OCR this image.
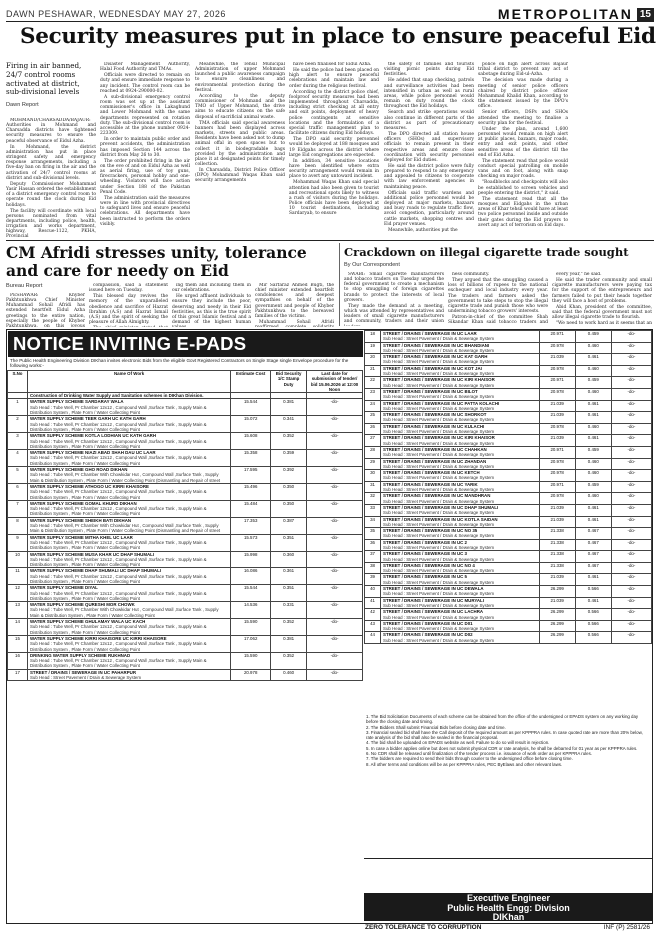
DAWN PESHAWAR, WEDNESDAY MAY 27, 2026	METROPOLITAN 15
Security measures put in place to ensure peaceful Eid
Firing in air banned, 24/7 control rooms activated at district, sub-divisional levels
Dawn Report

MOHMAND/CHARSADDA/BAJAUR: Authorities in Mohmand and Charsadda districts have tightened security measures to ensure the peaceful observance of Eidul Azha.

In Mohmand, the district administration has put in place stringent safety and emergency response arrangements, including a five-day ban on firing in the air and the activation of 24/7 control rooms at district and sub-divisional levels.

Deputy Commissioner Mohammad Yasir Hassan ordered the establishment of a district emergency control room to operate round the clock during Eid holidays.

The facility will coordinate with local persons nominated from vital departments, including police, health, irrigation and works department, highway, Rescue-1122, PKHA, Provincial

Disaster Management Authority, Halal Food Authority and TMAs.

Officials were directed to remain on duty and ensure immediate response to any incident. The control room can be reached at 0924-290000-02.

A sub-divisional emergency control room was set up at the assistant commissioner's office in Lakaghund and Lower Mohmand with the same departments represented on rotation duty. The sub-divisional control room is accessible at the phone number 0924-223309.

In order to maintain public order and prevent accidents, the administration has imposed Section 144 across the district from May 26 to 30.

The order prohibited firing in the air on the eve of and on Eidul Azha as well as aerial firing, use of toy guns, firecrackers, personal hobby and one-wheeling. Violators will face action under Section 188 of the Pakistan Penal Code.

The administration said the measures were in line with provincial directives to safeguard lives and ensure peaceful celebrations. All departments have been instructed to perform the orders visibly.

Meanwhile, the Tehsil Municipal Administration of upper Mohmand launched a public awareness campaign to ensure cleanliness and environmental protection during the festival.

According to the deputy commissioner of Mohmand and the TMO of Upper Mohmand, the drive aims to educate citizens on the safe disposal of sacrificial animal waste.

TMA officials said special awareness banners had been displayed across markets, streets and public areas. Residents have been asked not to dump animal offal in open spaces but to collect it in biodegradable bags provided by the administration and place it at designated points for timely collection.

In Charsadda, District Police Officer (DPO) Mohammad Waqas Khan said security arrangements

have been finalised for Eidul Azha.

He said the police had been placed on high alert to ensure peaceful celebrations and maintain law and order during the religious festival.

According to the district police chief, foolproof security measures had been implemented throughout Charsadda, including strict checking at all entry and exit points, deployment of heavy police contingents at sensitive locations and the formulation of a special traffic management plan to facilitate citizens during Eid holidays.

The DPO said security personnel would be deployed at 188 mosques and 19 Eidgahs across the district where large Eid congregations are expected.

In addition, 34 sensitive locations have been identified where extra security arrangement would remain in place to avert any untoward incident.

Mohammad Waqas Khan said special attention had also been given to tourist and recreational spots likely to witness a rush of visitors during the holidays. Police officials have been deployed at 10 tourist destinations, including Sardaryab, to ensure

the safety of families and tourists visiting picnic points during Eid festivities.

He added that snap checking, patrols and surveillance activities had been intensified in urban as well as rural areas, while police personnel would remain on duty round the clock throughout the Eid holidays.

Search and strike operations would also continue in different parts of the district as part of precautionary measures.

The DPO directed all station house officers (SHOs) and supervisory officials to remain present in their respective areas and ensure close coordination with security personnel deployed for Eid duties.

He said the district police were fully prepared to respond to any emergency and appealed to citizens to cooperate with law enforcement agencies in maintaining peace.

Officials said traffic wardens and additional police personnel would be deployed at major markets, bazaars and busy roads to regulate traffic flow, avoid congestion, particularly around cattle markets, shopping centres and Eid prayer venues.

Meanwhile, authorities put the

police on high alert across Bajaur tribal district to prevent any act of sabotage during Eid-ul-Azha.

The decision was made during a meeting of senior police officers chaired by district police officer Mohammad Khalid Khan, according to the statement issued by the DPO's office.

Senior officers, DSPs and SHOs attended the meeting to finalise a security plan for the festival.

Under the plan, around 1,600 personnel would remain on high alert at public places, bazaars, major roads, entry and exit points, and other sensitive areas of the district till the end of Eid Azha.

The statement read that police would conduct special patrolling on mobile vans and on foot, along with snap checking on major roads.

"Roadblocks and checkpoints will also be established to screen vehicles and people entering the district," it said.

The statement read that all the mosques and Eidgahs in the urban areas of Khar tehsil would have at least two police personnel inside and outside their gates during the Eid prayers to avert any act of terrorism on Eid days.

CM Afridi stresses unity, tolerance and care for needy on Eid
Bureau Report

PESHAWAR: Khyber Pakhtunkhwa Chief Minister Muhammad Sohail Afridi has extended heartfelt Eidul Azha greetings to the entire nation, especially the people of Khyber Pakhtunkhwa, on this joyous

compassion, said a statement issued here on Tuesday.

This blessed day revives the memory of the unparalleled obedience and sacrifice of Hazrat Ibrahim (A.S) and Hazrat Ismail (A.S) and the spirit of seeking the pleasure of Allah Almighty.

ing them and including them in our celebrations.

He urged affluent individuals to ensure they include the poor, deserving and needy in their Eid festivities, as this is the true spirit of this great Islamic festival and a demand of the highest human

Mir Sarfaraz Ahmed Bugti, the chief minister extended heartfelt condolences and deepest sympathies on behalf of the government and people of Khyber Pakhtunkhwa to the bereaved families of the victims.

Muhammad Sohail Afridi

Crackdown on illegal cigarette trade sought
By Our Correspondent

SWABI: Small cigarette manufacturers and tobacco traders on Tuesday urged the federal government to create a mechanism to stop smuggling of foreign cigarettes brands to protect the interests of local growers.

They made the demand at a meeting, which was attended by representatives and leaders of small cigarette manufacturers and community, traders and their union

ness community.

They argued that the smuggling caused a loss of billions of rupees to the national exchequer and local industry every year. The traders and farmers asked the government to take steps to stop the illegal cigarette trade and punish those who were undermining tobacco growers' interests.

Patron-in-chief of the committee Shah Sikandar Khan said tobacco traders and

every year," he said.

He said the trader community and small cigarette manufacturers were paying tax for the support of the entrepreneurs and farmers failed to put their heads together they will face a host of problems.

Abid Khan, president of the committee, said that the federal government must not allow illegal cigarette trade to flourish.

"We need to work hard as it seems that an

NOTICE INVITING E-PADS
The Public Health Engineering Division DIKhan invites electronic Bids from the eligible Govt Registered Contractors on Single Stage single Envelope procedure for the following works:-
S.No	Name Of Work	Estimate Cost	Bid Security 1/C Stamp Duty	Last date for submission of tender/ bid 15.06.2026 at 12:00 Noon
	Construction of Drinking Water Supply and Sanitation schemes in DIKhan Division.			
1	WATER SUPPLY SCHEME SARDARAY WALA
Sub Head : Tube Well, Pr Chamber 12x12 , Compound Wall ,Surface Tank , Supply Main & Distribution System , Plate Form / Water Collecting Point	15.544	0.381	-do-
2	WATER SUPPLY SCHEME TEER GARH UC KATH GARH
Sub Head : Tube Well, Pr Chamber 12x12 , Compound Wall ,Surface Tank , Supply Main & Distribution System , Plate Form / Water Collecting Point	15.072	0.341	-do-
3	WATER SUPPLY SCHEME KOTLA LODHIAN UC KATH GARH
Sub Head : Tube Well, Pr Chamber 12x12 , Compound Wall ,Surface Tank , Supply Main & Distribution System , Plate Form / Water Collecting Point	15.608	0.352	-do-
4	WATER SUPPLY SCHEME NIAZI ABAD SHAH DAU UC LAAR
Sub Head : Tube Well, Pr Chamber 12x12 , Compound Wall ,Surface Tank , Supply Main & Distribution System , Plate Form / Water Collecting Point	15.358	0.359	-do-
5	WATER SUPPLY SCHEME GHO ROAD DIKHAN
Sub Head : Tube Well, Pr Chamber With Chowkidar Hut , Compound Wall ,Surface Tank , Supply Main & Distribution System , Plate Form / Water Collecting Point (Dismantling and Repair of street	17.595	0.392	-do-
6	WATER SUPPLY SCHEME ATHOGO UC KIRRI KHAISORE
Sub Head : Tube Well, Pr Chamber 12x12 , Compound Wall ,Surface Tank , Supply Main & Distribution System , Plate Form / Water Collecting Point	15.496	0.350	-do-
7	WATER SUPPLY SCHEME GOMAL KHURD DIKHAN
Sub Head : Tube Well, Pr Chamber 12x12 , Compound Wall ,Surface Tank , Supply Main & Distribution System , Plate Form / Water Collecting Point	15.484	0.350	-do-
8	WATER SUPPLY SCHEME SHEIKH BATI DIKHAN
Sub Head : Tube Well, Pr Chamber With Chowkidar Hut , Compound Wall ,Surface Tank , Supply Main & Distribution System , Plate Form / Water Collecting Point (Dismantling and Repair of street	17.353	0.387	-do-
9	WATER SUPPLY SCHEME MITHA KHEL UC LAAR
Sub Head : Tube Well, Pr Chamber 12x12 , Compound Wall ,Surface Tank , Supply Main & Distribution System , Plate Form / Water Collecting Point	15.573	0.351	-do-
10	WATER SUPPLY SCHEME MUSA KHAR UC DHAP SHUMALI
Sub Head : Tube Well, Pr Chamber 12x12 , Compound Wall ,Surface Tank , Supply Main & Distribution System , Plate Form / Water Collecting Point	15.998	0.360	-do-
11	WATER SUPPLY SCHEME DHAP SHUMALI UC DHAP SHUMALI
Sub Head : Tube Well, Pr Chamber 12x12 , Compound Wall ,Surface Tank , Supply Main & Distribution System , Plate Form / Water Collecting Point	16.086	0.361	-do-
12	WATER SUPPLY SCHEME DIYAL
Sub Head : Tube Well, Pr Chamber 12x12 , Compound Wall ,Surface Tank , Supply Main & Distribution System , Plate Form / Water Collecting Point	15.544	0.351	-do-
13	WATER SUPPLY SCHEME QURESHI MOR CHOWK
Sub Head : Tube Well, Pr Chamber With Chowkidar Hut , Compound Wall ,Surface Tank , Supply Main & Distribution System , Plate Form / Water Collecting Point	14.536	0.331	-do-
14	WATER SUPPLY SCHEME GHULAMAY WALA UC KACH
Sub Head : Tube Well, Pr Chamber 12x12 , Compound Wall ,Surface Tank , Supply Main & Distribution System , Plate Form / Water Collecting Point	15.590	0.352	-do-
15	WATER SUPPLY SCHEME KIRRI KHAISORE UC KIRRI KHAISORE
Sub Head : Tube Well, Pr Chamber 12x12 , Compound Wall ,Surface Tank , Supply Main & Distribution System , Plate Form / Water Collecting Point	17.062	0.381	-do-
16	DRINKING WATER SUPPLY SCHEME RUKHNAD
Sub Head : Tube Well, Pr Chamber 12x12 , Compound Wall ,Surface Tank , Supply Main & Distribution System , Plate Form / Water Collecting Point	15.590	0.352	-do-
17	STREET / DRAINS / SEWERAGE IN UC PAHARPUR
Sub Head : Street Pavement / Drain & Sewerage System	20.978	0.460	-do-
18	STREET / DRAINS / SEWERAGE IN UC LAAR
Sub Head : Street Pavement / Drain & Sewerage System	20.971	0.459	-do-
19	STREET / DRAINS / SEWERAGE IN UC BHANDIANI
Sub Head : Street Pavement / Drain & Sewerage System	20.978	0.460	-do-
20	STREET / DRAINS / SEWERAGE IN UC KAT GARH
Sub Head : Street Pavement / Drain & Sewerage System	21.039	0.461	-do-
21	STREET / DRAINS / SEWERAGE IN UC KOT JAI
Sub Head : Street Pavement / Drain & Sewerage System	20.978	0.460	-do-
22	STREET / DRAINS / SEWERAGE IN UC KIRI KHAISOR
Sub Head : Street Pavement / Drain & Sewerage System	20.971	0.459	-do-
23	STREET / DRAINS / SEWERAGE IN UC BILOT
Sub Head : Street Pavement / Drain & Sewerage System	20.978	0.460	-do-
24	STREET / DRAINS / SEWERAGE IN UC PATTA KOLACHI
Sub Head : Street Pavement / Drain & Sewerage System	21.039	0.461	-do-
25	STREET / DRAINS / SEWERAGE IN UC SHORKOT
Sub Head : Street Pavement / Drain & Sewerage System	21.039	0.461	-do-
26	STREET / DRAINS / SEWERAGE IN UC KULACHI
Sub Head : Street Pavement / Drain & Sewerage System	20.978	0.460	-do-
27	STREET / DRAINS / SEWERAGE IN UC KIRI KHAISOR
Sub Head : Street Pavement / Drain & Sewerage System	21.039	0.461	-do-
28	STREET / DRAINS / SEWERAGE IN UC CHAHKAN
Sub Head : Street Pavement / Drain & Sewerage System	20.971	0.459	-do-
29	STREET / DRAINS / SEWERAGE IN UC ZHANDAN
Sub Head : Street Pavement / Drain & Sewerage System	20.978	0.460	-do-
30	STREET / DRAINS / SEWERAGE IN UC KETCH
Sub Head : Street Pavement / Drain & Sewerage System	20.978	0.460	-do-
31	STREET / DRAINS / SEWERAGE IN UC YARIK
Sub Head : Street Pavement / Drain & Sewerage System	20.971	0.459	-do-
32	STREET / DRAINS / SEWERAGE IN UC MANDHRAN
Sub Head : Street Pavement / Drain & Sewerage System	20.978	0.460	-do-
33	STREET / DRAINS / SEWERAGE IN UC DHAP SHUMALI
Sub Head : Street Pavement / Drain & Sewerage System	21.039	0.461	-do-
34	STREET / DRAINS / SEWERAGE IN UC KOTLA SAIDAN
Sub Head : Street Pavement / Drain & Sewerage System	21.039	0.461	-do-
35	STREET / DRAINS / SEWERAGE IN UC NO 35
Sub Head : Street Pavement / Drain & Sewerage System	21.338	0.467	-do-
36	STREET / DRAINS / SEWERAGE IN UC 2
Sub Head : Street Pavement / Drain & Sewerage System	21.338	0.467	-do-
37	STREET / DRAINS / SEWERAGE IN UC 3
Sub Head : Street Pavement / Drain & Sewerage System	21.338	0.467	-do-
38	STREET / DRAINS / SEWERAGE IN UC NO 4
Sub Head : Street Pavement / Drain & Sewerage System	21.338	0.467	-do-
39	STREET / DRAINS / SEWERAGE IN UC 5
Sub Head : Street Pavement / Drain & Sewerage System	21.039	0.461	-do-
40	STREET / DRAINS / SEWERAGE IN UC DEWALA
Sub Head : Street Pavement / Drain & Sewerage System	26.299	0.566	-do-
41	STREET / DRAINS / SEWERAGE IN UC MURYALI
Sub Head : Street Pavement / Drain & Sewerage System	21.039	0.461	-do-
42	STREET / DRAINS / SEWERAGE IN UC LACHRA
Sub Head : Street Pavement / Drain & Sewerage System	26.299	0.566	-do-
43	STREET / DRAINS / SEWERAGE IN UC D01
Sub Head : Street Pavement / Drain & Sewerage System	26.299	0.566	-do-
44	STREET / DRAINS / SEWERAGE IN UC D02
Sub Head : Street Pavement / Drain & Sewerage System	26.299	0.566	-do-
1. The Bid Solicitation Documents of each scheme can be obtained from the office of the undersigned or EPADS system on any working day before the closing date and timing.
2. The Bidders Shall submit Financial Bids before closing date and time.
3. Financial sealed bid shall have the Call deposit of the required amount as per KPPPRA rules. In case quoted rate are more than 20% below, rate analysis of the bid shall also be sealed in the financial proposal.
4. The bid shall be uploaded on EPADS website as well. Failure to do so will result in rejection.
5. In case a bidder applies online but does not submit physical CDR or rate analysis, he shall be debarred for 01 year as per KPPPRA rules.
6. No CDR shall be released until finalization of the tender process i.e. issuance of work order as per KPPPRA rules.
7. The bidders are required to send their bids through courier to the undersigned office before closing time.
8. All other terms and conditions will be as per KPPPRA rules, PEC ByElaws and other relevant laws.
Executive Engineer
Public Health Engg: Division
DIKhan
ZERO TOLERANCE TO CORRUPTION	INF (P) 2581/26
